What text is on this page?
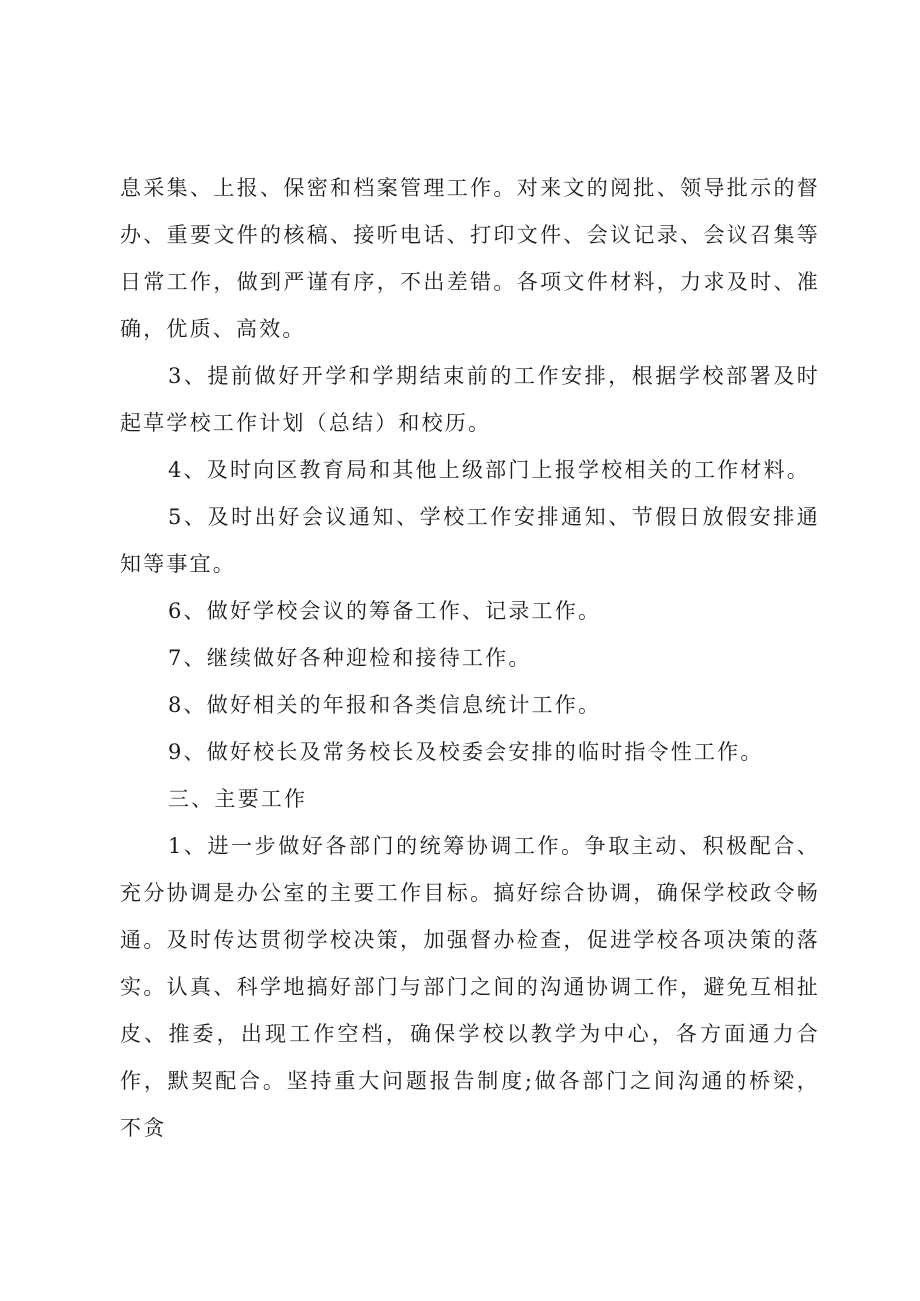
息采集、上报、保密和档案管理工作。对来文的阅批、领导批示的督办、重要文件的核稿、接听电话、打印文件、会议记录、会议召集等日常工作，做到严谨有序，不出差错。各项文件材料，力求及时、准确，优质、高效。

3、提前做好开学和学期结束前的工作安排，根据学校部署及时起草学校工作计划（总结）和校历。

4、及时向区教育局和其他上级部门上报学校相关的工作材料。

5、及时出好会议通知、学校工作安排通知、节假日放假安排通知等事宜。

6、做好学校会议的筹备工作、记录工作。

7、继续做好各种迎检和接待工作。

8、做好相关的年报和各类信息统计工作。

9、做好校长及常务校长及校委会安排的临时指令性工作。

三、主要工作

1、进一步做好各部门的统筹协调工作。争取主动、积极配合、充分协调是办公室的主要工作目标。搞好综合协调，确保学校政令畅通。及时传达贯彻学校决策，加强督办检查，促进学校各项决策的落实。认真、科学地搞好部门与部门之间的沟通协调工作，避免互相扯皮、推委，出现工作空档，确保学校以教学为中心，各方面通力合作，默契配合。坚持重大问题报告制度;做各部门之间沟通的桥梁，不贪
